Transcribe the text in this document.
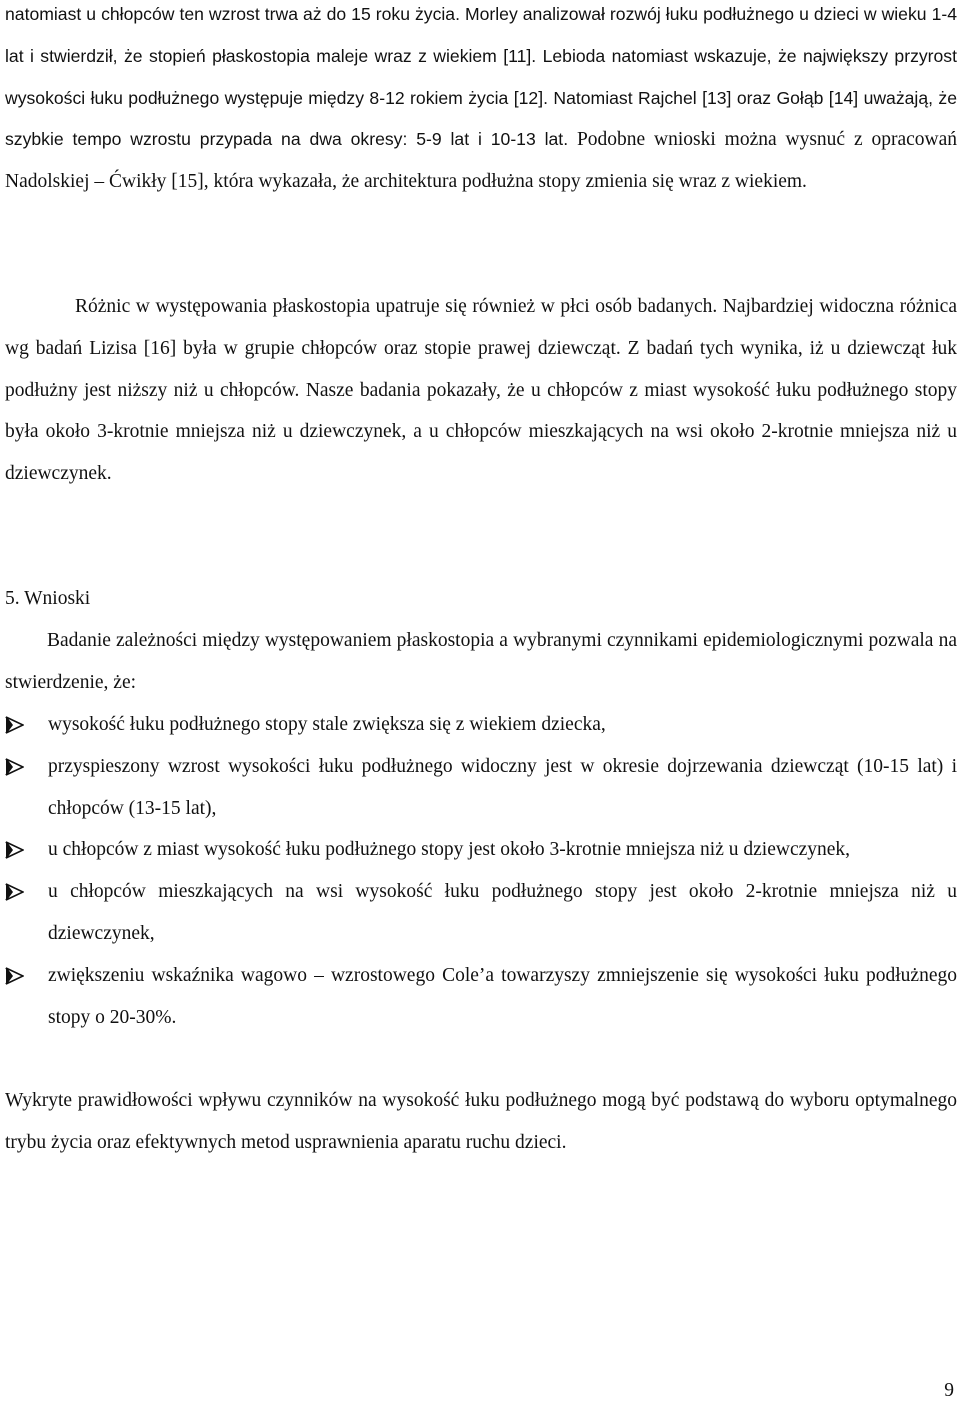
natomiast u chłopców ten wzrost trwa aż do 15 roku życia. Morley analizował rozwój łuku podłużnego u dzieci w wieku 1-4 lat i stwierdził, że stopień płaskostopia maleje wraz z wiekiem [11]. Lebioda natomiast wskazuje, że największy przyrost wysokości łuku podłużnego występuje między 8-12 rokiem życia [12]. Natomiast Rajchel [13] oraz Gołąb [14] uważają, że szybkie tempo wzrostu przypada na dwa okresy: 5-9 lat i 10-13 lat. Podobne wnioski można wysnuć z opracowań Nadolskiej – Ćwikły [15], która wykazała, że architektura podłużna stopy zmienia się wraz z wiekiem.

Różnic w występowania płaskostopia upatruje się również w płci osób badanych. Najbardziej widoczna różnica wg badań Lizisa [16] była w grupie chłopców oraz stopie prawej dziewcząt. Z badań tych wynika, iż u dziewcząt łuk podłużny jest niższy niż u chłopców. Nasze badania pokazały, że u chłopców z miast wysokość łuku podłużnego stopy była około 3-krotnie mniejsza niż u dziewczynek, a u chłopców mieszkających na wsi około 2-krotnie mniejsza niż u dziewczynek.

5. Wnioski

Badanie zależności między występowaniem płaskostopia a wybranymi czynnikami epidemiologicznymi pozwala na stwierdzenie, że:

wysokość łuku podłużnego stopy stale zwiększa się z wiekiem dziecka,
przyspieszony wzrost wysokości łuku podłużnego widoczny jest w okresie dojrzewania dziewcząt (10-15 lat) i chłopców (13-15 lat),
u chłopców z miast wysokość łuku podłużnego stopy jest około 3-krotnie mniejsza niż u dziewczynek,
u chłopców mieszkających na wsi wysokość łuku podłużnego stopy jest około 2-krotnie mniejsza niż u dziewczynek,
zwiększeniu wskaźnika wagowo – wzrostowego Cole’a towarzyszy zmniejszenie się wysokości łuku podłużnego stopy o 20-30%.

Wykryte prawidłowości wpływu czynników na wysokość łuku podłużnego mogą być podstawą do wyboru optymalnego trybu życia oraz efektywnych metod usprawnienia aparatu ruchu dzieci.

9
